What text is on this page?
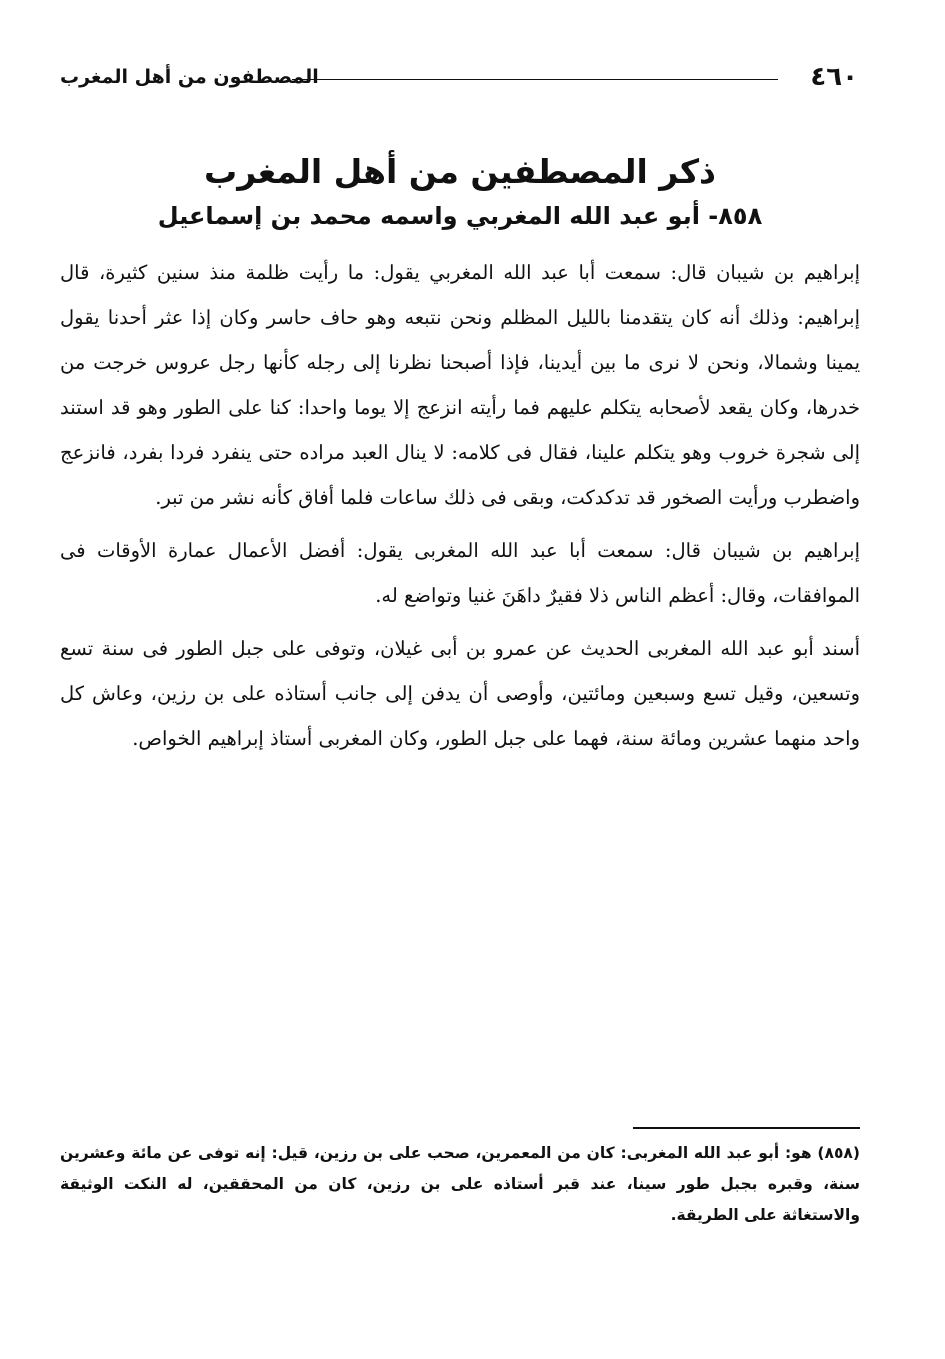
٤٦٠
المصطفون من أهل المغرب
ذكر المصطفين من أهل المغرب
٨٥٨- أبو عبد الله المغربي واسمه محمد بن إسماعيل

إبراهيم بن شيبان قال: سمعت أبا عبد الله المغربي يقول: ما رأيت ظلمة منذ سنين كثيرة، قال إبراهيم: وذلك أنه كان يتقدمنا بالليل المظلم ونحن نتبعه وهو حاف حاسر وكان إذا عثر أحدنا يقول يمينا وشمالا، ونحن لا نرى ما بين أيدينا، فإذا أصبحنا نظرنا إلى رجله كأنها رجل عروس خرجت من خدرها، وكان يقعد لأصحابه يتكلم عليهم فما رأيته انزعج إلا يوما واحدا: كنا على الطور وهو قد استند إلى شجرة خروب وهو يتكلم علينا، فقال فى كلامه: لا ينال العبد مراده حتى ينفرد فردا بفرد، فانزعج واضطرب ورأيت الصخور قد تدكدكت، وبقى فى ذلك ساعات فلما أفاق كأنه نشر من تبر.

إبراهيم بن شيبان قال: سمعت أبا عبد الله المغربى يقول: أفضل الأعمال عمارة الأوقات فى الموافقات، وقال: أعظم الناس ذلا فقيرٌ داهَنَ غنيا وتواضع له.

أسند أبو عبد الله المغربى الحديث عن عمرو بن أبى غيلان، وتوفى على جبل الطور فى سنة تسع وتسعين، وقيل تسع وسبعين ومائتين، وأوصى أن يدفن إلى جانب أستاذه على بن رزين، وعاش كل واحد منهما عشرين ومائة سنة، فهما على جبل الطور، وكان المغربى أستاذ إبراهيم الخواص.

(٨٥٨) هو: أبو عبد الله المغربى: كان من المعمرين، صحب على بن رزين، قيل: إنه توفى عن مائة وعشرين سنة، وقبره بجبل طور سينا، عند قبر أستاذه على بن رزين، كان من المحققين، له النكت الوثيقة والاستغاثة على الطريقة.
